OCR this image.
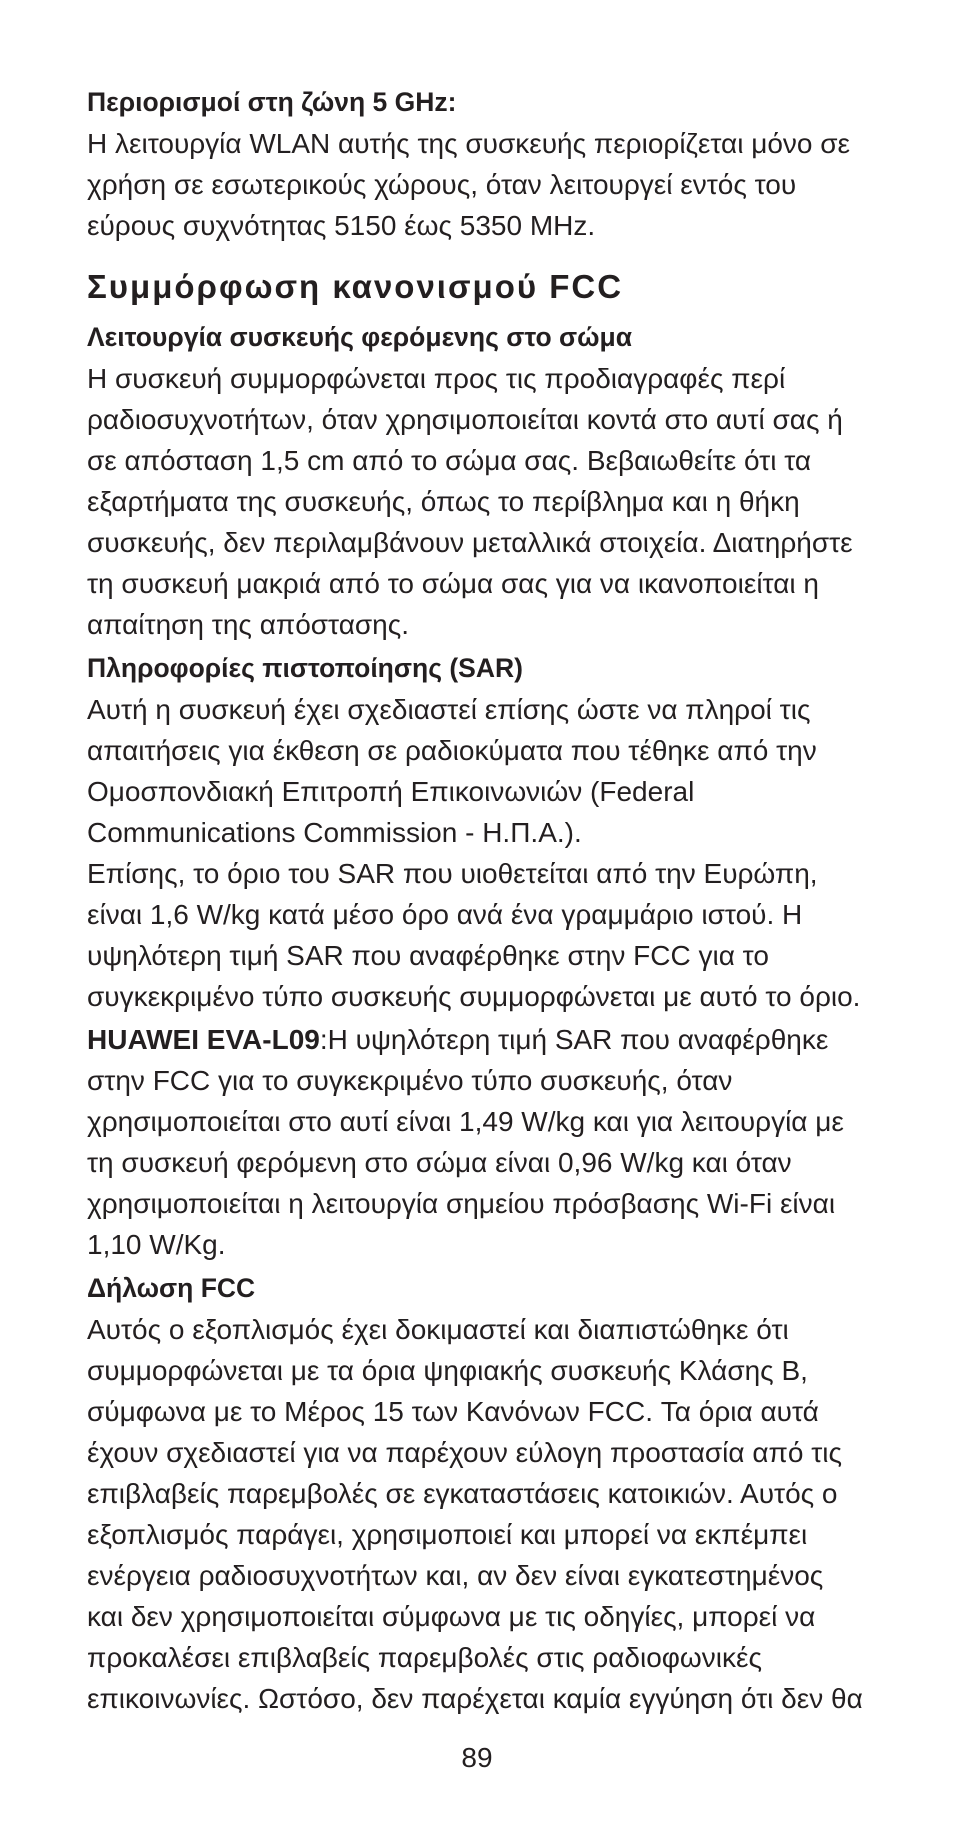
Περιορισμοί στη ζώνη 5 GHz:
Η λειτουργία WLAN αυτής της συσκευής περιορίζεται μόνο σε
χρήση σε εσωτερικούς χώρους, όταν λειτουργεί εντός του
εύρους συχνότητας 5150 έως 5350 MHz.
Συμμόρφωση κανονισμού FCC
Λειτουργία συσκευής φερόμενης στο σώμα
Η συσκευή συμμορφώνεται προς τις προδιαγραφές περί
ραδιοσυχνοτήτων, όταν χρησιμοποιείται κοντά στο αυτί σας ή
σε απόσταση 1,5 cm από το σώμα σας. Βεβαιωθείτε ότι τα
εξαρτήματα της συσκευής, όπως το περίβλημα και η θήκη
συσκευής, δεν περιλαμβάνουν μεταλλικά στοιχεία. Διατηρήστε
τη συσκευή μακριά από το σώμα σας για να ικανοποιείται η
απαίτηση της απόστασης.
Πληροφορίες πιστοποίησης (SAR)
Αυτή η συσκευή έχει σχεδιαστεί επίσης ώστε να πληροί τις
απαιτήσεις για έκθεση σε ραδιοκύματα που τέθηκε από την
Ομοσπονδιακή Επιτροπή Επικοινωνιών (Federal
Communications Commission - Η.Π.Α.).
Επίσης, το όριο του SAR που υιοθετείται από την Ευρώπη,
είναι 1,6 W/kg κατά μέσο όρο ανά ένα γραμμάριο ιστού. Η
υψηλότερη τιμή SAR που αναφέρθηκε στην FCC για το
συγκεκριμένο τύπο συσκευής συμμορφώνεται με αυτό το όριο.
HUAWEI EVA-L09:Η υψηλότερη τιμή SAR που αναφέρθηκε
στην FCC για το συγκεκριμένο τύπο συσκευής, όταν
χρησιμοποιείται στο αυτί είναι 1,49 W/kg και για λειτουργία με
τη συσκευή φερόμενη στο σώμα είναι 0,96 W/kg και όταν
χρησιμοποιείται η λειτουργία σημείου πρόσβασης Wi-Fi είναι
1,10 W/Kg.
Δήλωση FCC
Αυτός ο εξοπλισμός έχει δοκιμαστεί και διαπιστώθηκε ότι
συμμορφώνεται με τα όρια ψηφιακής συσκευής Κλάσης Β,
σύμφωνα με το Μέρος 15 των Κανόνων FCC. Τα όρια αυτά
έχουν σχεδιαστεί για να παρέχουν εύλογη προστασία από τις
επιβλαβείς παρεμβολές σε εγκαταστάσεις κατοικιών. Αυτός ο
εξοπλισμός παράγει, χρησιμοποιεί και μπορεί να εκπέμπει
ενέργεια ραδιοσυχνοτήτων και, αν δεν είναι εγκατεστημένος
και δεν χρησιμοποιείται σύμφωνα με τις οδηγίες, μπορεί να
προκαλέσει επιβλαβείς παρεμβολές στις ραδιοφωνικές
επικοινωνίες. Ωστόσο, δεν παρέχεται καμία εγγύηση ότι δεν θα
89
